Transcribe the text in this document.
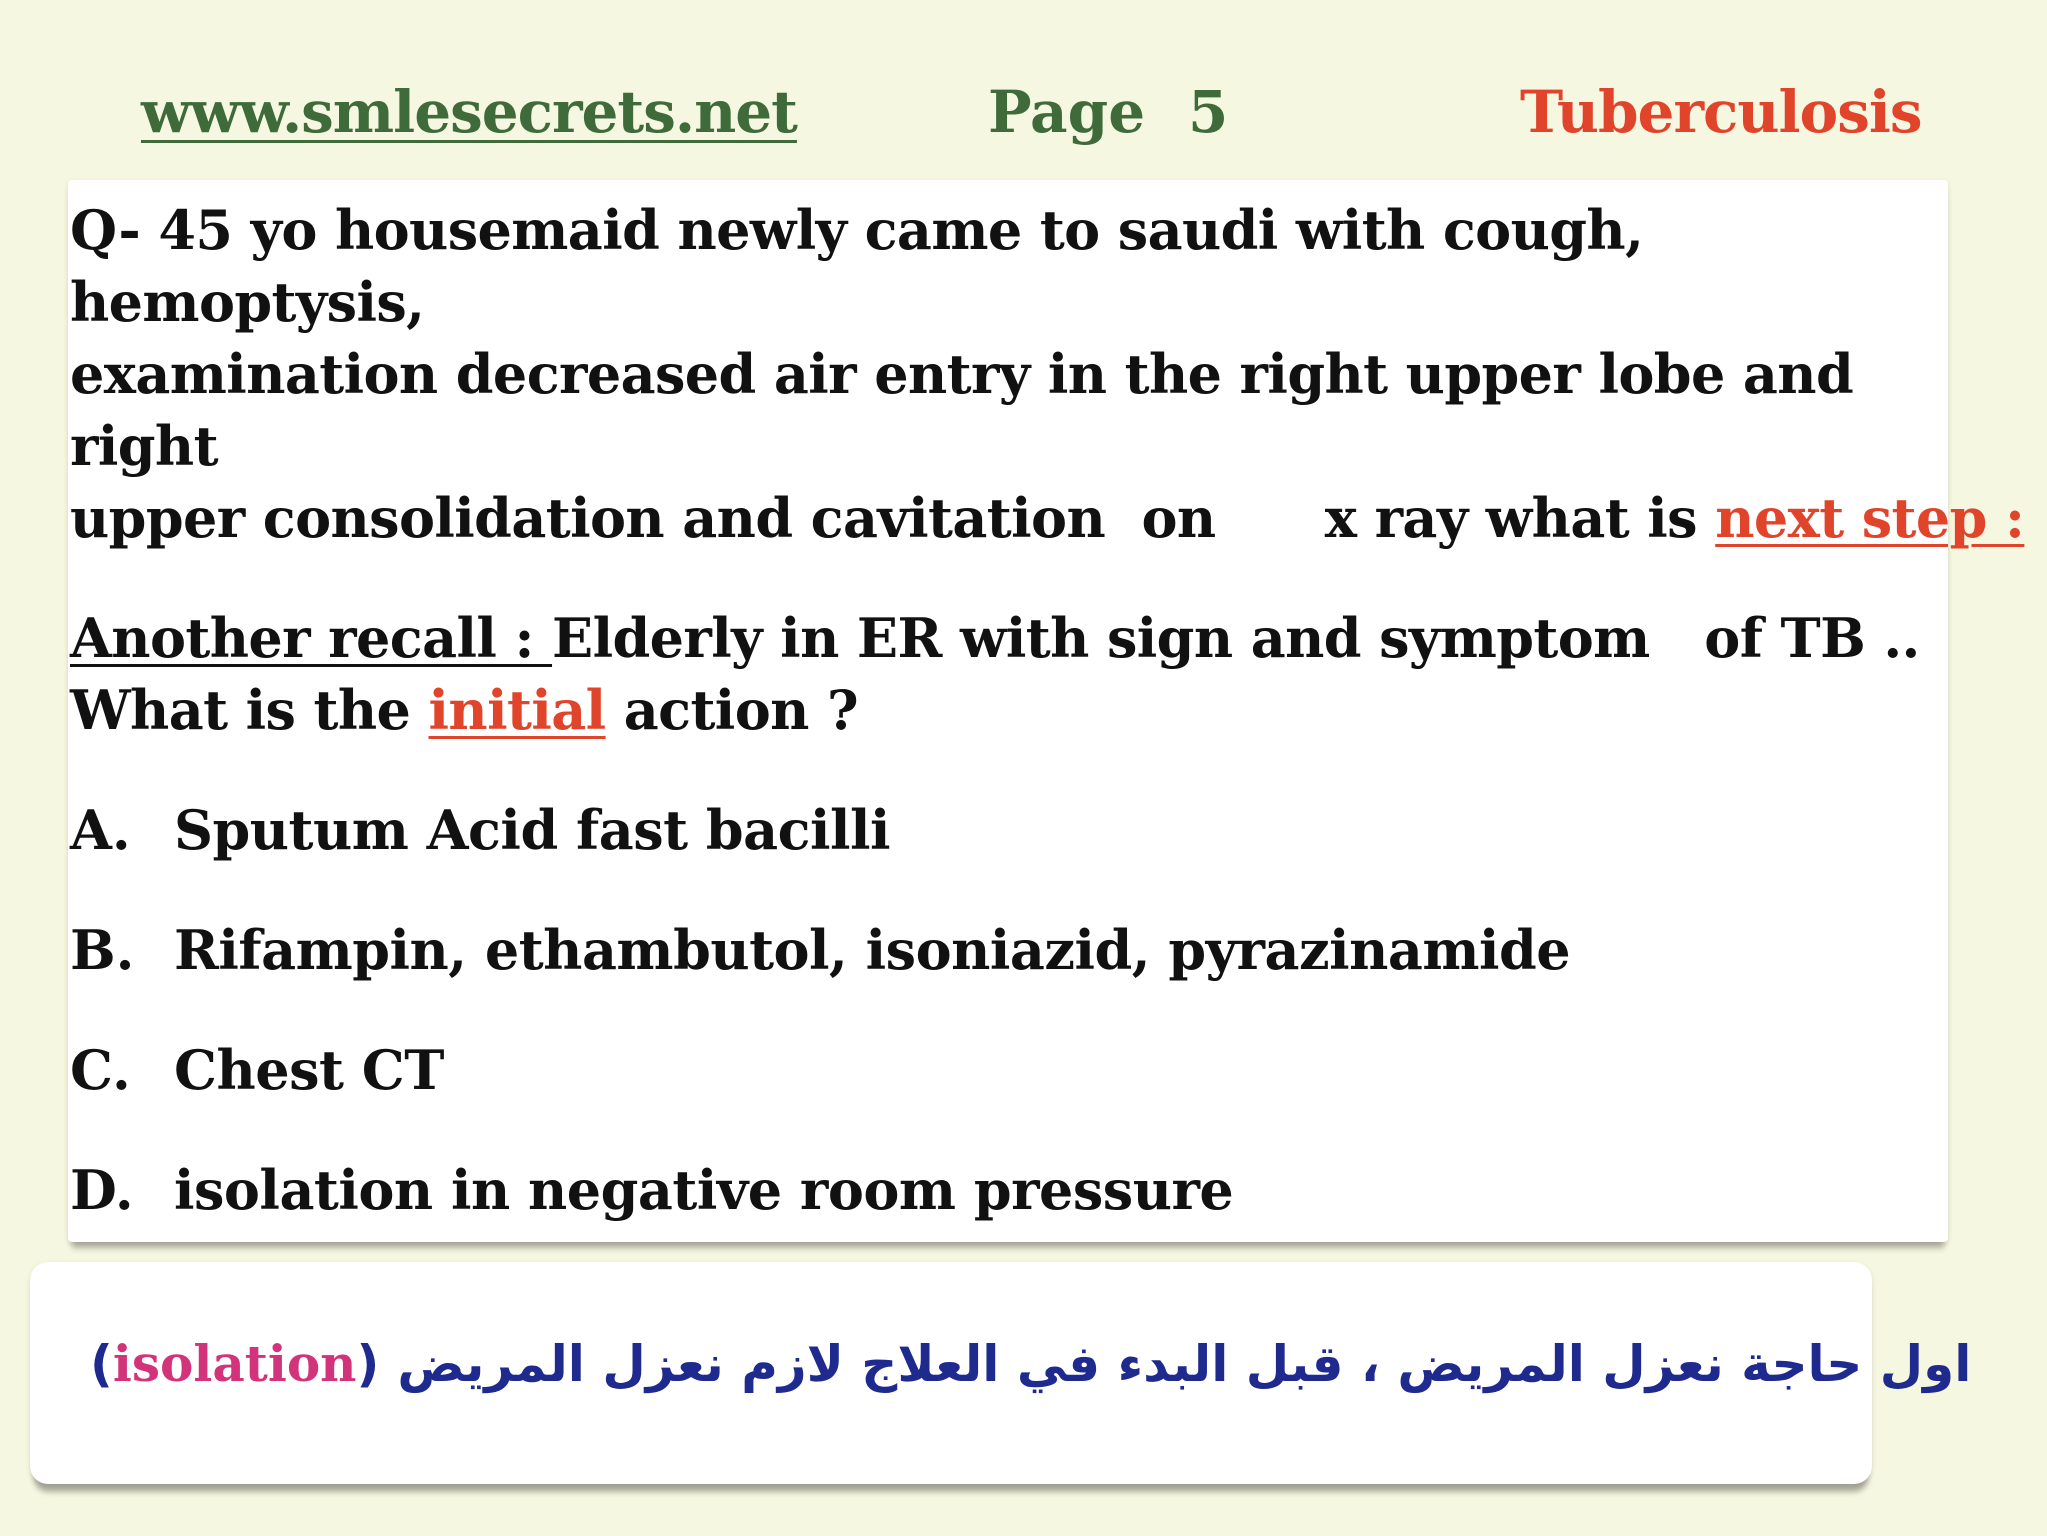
www.smlesecrets.net	Page 5	Tuberculosis

Q- 45 yo housemaid newly came to saudi with cough, hemoptysis,

examination decreased air entry in the right upper lobe and right

upper consolidation and cavitation  on      x ray what is next step :

Another recall : Elderly in ER with sign and symptom   of TB ..

What is the initial action ?

A. Sputum Acid fast bacilli
B. Rifampin, ethambutol, isoniazid, pyrazinamide
C. Chest CT
D. isolation in negative room pressure
(isolation) اول حاجة نعزل المريض ، قبل البدء في العلاج لازم نعزل المريض
